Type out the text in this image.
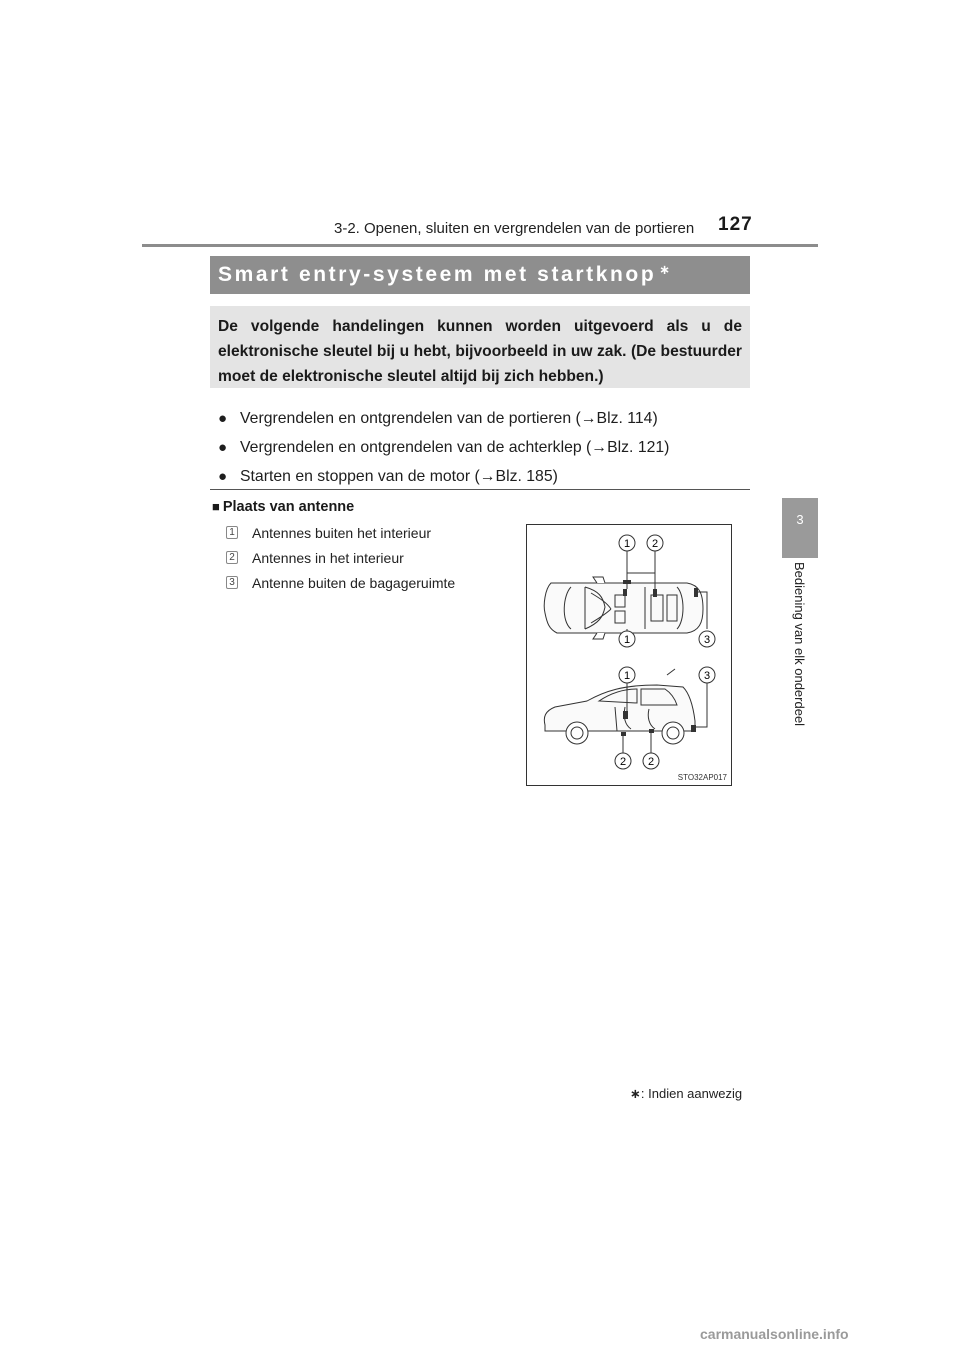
3-2. Openen, sluiten en vergrendelen van de portieren 127
3
Bediening van elk onderdeel
Smart entry-systeem met startknop∗
De volgende handelingen kunnen worden uitgevoerd als u de elektronische sleutel bij u hebt, bijvoorbeeld in uw zak. (De bestuurder moet de elektronische sleutel altijd bij zich hebben.)
● Vergrendelen en ontgrendelen van de portieren (→Blz. 114)
● Vergrendelen en ontgrendelen van de achterklep (→Blz. 121)
● Starten en stoppen van de motor (→Blz. 185)
■ Plaats van antenne
1 Antennes buiten het interieur
2 Antennes in het interieur
3 Antenne buiten de bagageruimte
1 2
1	3
1	3
2 2
STO32AP017
∗: Indien aanwezig
carmanualsonline.info
